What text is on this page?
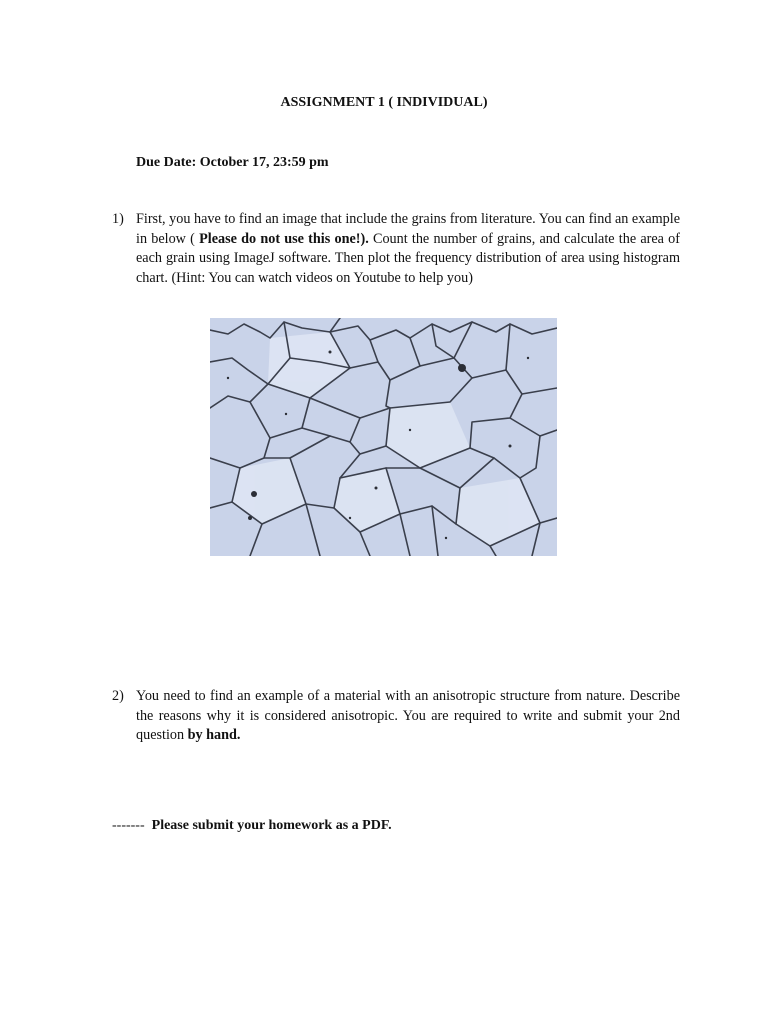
ASSIGNMENT 1 ( INDIVIDUAL)

Due Date: October 17, 23:59 pm

1) First, you have to find an image that include the grains from literature. You can find an example in below ( Please do not use this one!). Count the number of grains, and calculate the area of each grain using ImageJ software. Then plot the frequency distribution of area using histogram chart. (Hint: You can watch videos on Youtube to help you)
2) You need to find an example of a material with an anisotropic structure from nature. Describe the reasons why it is considered anisotropic. You are required to write and submit your 2nd question by hand.

------- Please submit your homework as a PDF.
